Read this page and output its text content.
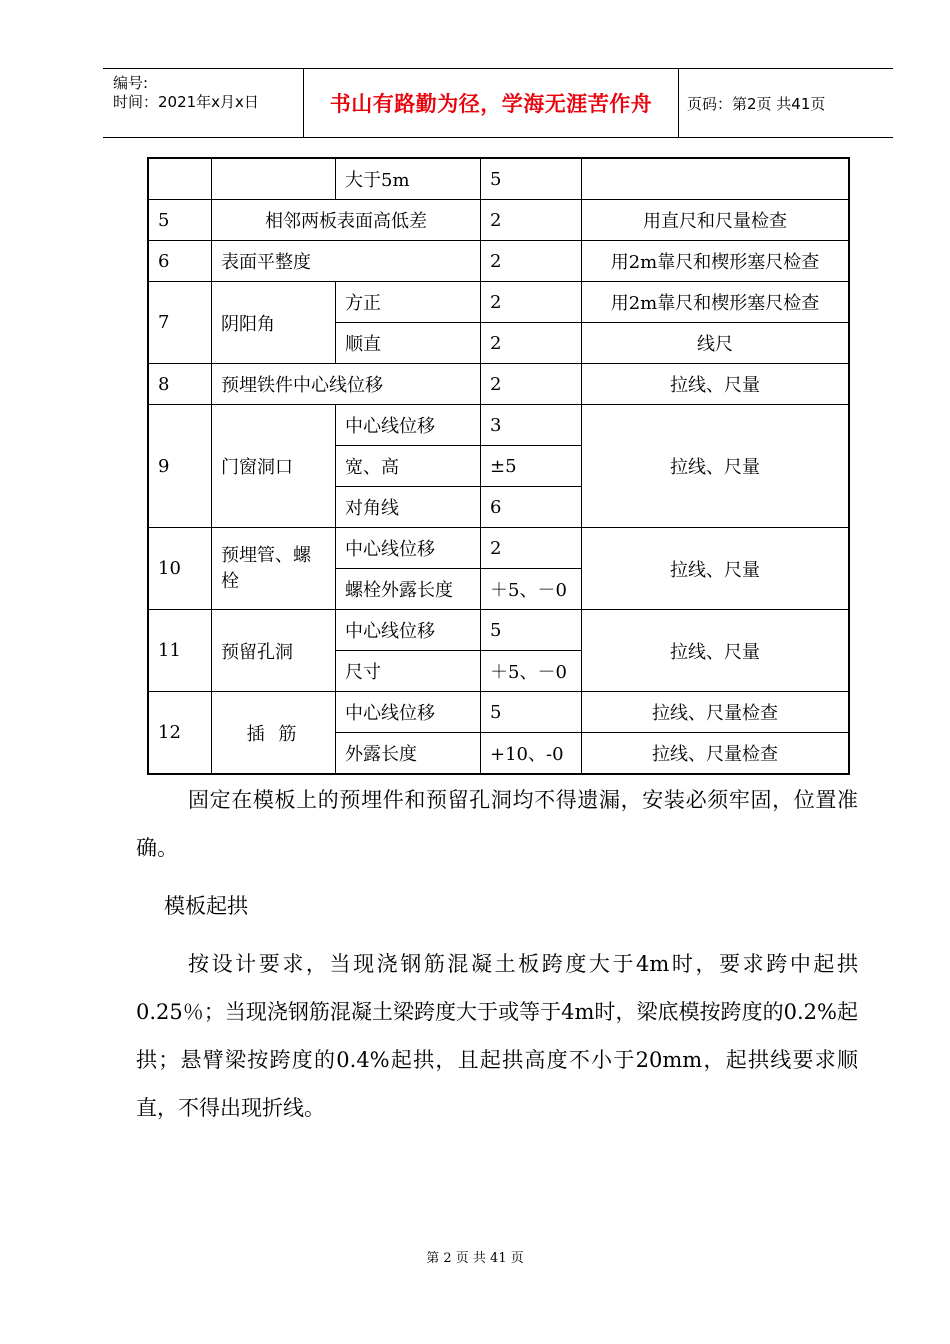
编号:
时间：2021年x月x日	书山有路勤为径，学海无涯苦作舟 页码：第2页 共41页
		大于5m	5	
5	相邻两板表面高低差		2	用直尺和尺量检查
6	表面平整度		2	用2m靠尺和楔形塞尺检查
7	阴阳角	方正	2	用2m靠尺和楔形塞尺检查
		顺直	2	线尺
8	预埋铁件中心线位移		2	拉线、尺量
9	门窗洞口	中心线位移	3	拉线、尺量
		宽、高	±5	
		对角线	6	
10	预埋管、螺栓	中心线位移	2	拉线、尺量
		螺栓外露长度	＋5、－0	
11	预留孔洞	中心线位移	5	拉线、尺量
		尺寸	＋5、－0	
12	插 筋	中心线位移	5	拉线、尺量检查
		外露长度	+10、-0	拉线、尺量检查
固定在模板上的预埋件和预留孔洞均不得遗漏，安装必须牢固，位置准确。
模板起拱
按设计要求，当现浇钢筋混凝土板跨度大于4m时，要求跨中起拱0.25％；当现浇钢筋混凝土梁跨度大于或等于4m时，梁底模按跨度的0.2%起拱；悬臂梁按跨度的0.4%起拱，且起拱高度不小于20mm，起拱线要求顺直，不得出现折线。
第 2 页 共 41 页
